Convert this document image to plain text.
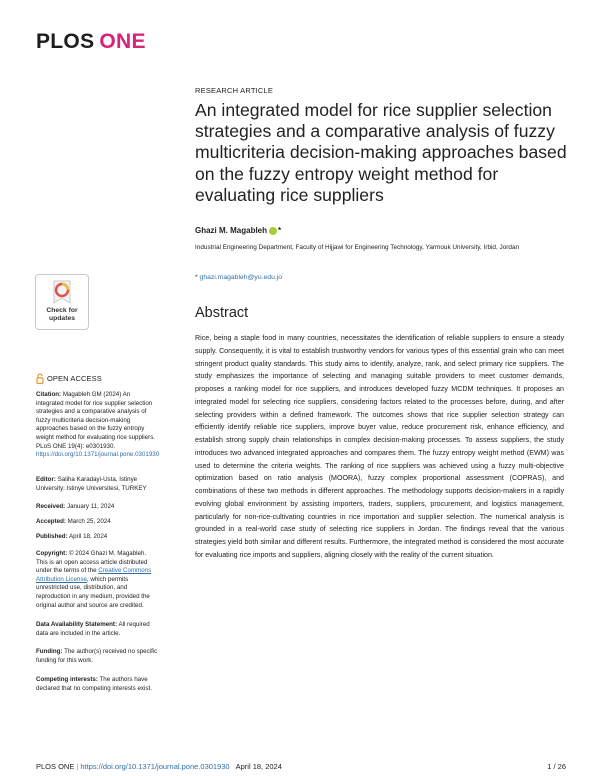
PLOS ONE
RESEARCH ARTICLE
An integrated model for rice supplier selection strategies and a comparative analysis of fuzzy multicriteria decision-making approaches based on the fuzzy entropy weight method for evaluating rice suppliers
Ghazi M. Magableh *
Industrial Engineering Department, Faculty of Hijjawi for Engineering Technology, Yarmouk University, Irbid, Jordan
* ghazi.magableh@yu.edu.jo
Check for
updates
OPEN ACCESS
Citation: Magableh GM (2024) An integrated model for rice supplier selection strategies and a comparative analysis of fuzzy multicriteria decision-making approaches based on the fuzzy entropy weight method for evaluating rice suppliers. PLoS ONE 19(4): e0301930. https://doi.org/10.1371/journal.pone.0301930
Editor: Saliha Karadayi-Usta, Istinye University: Istinye Universitesi, TURKEY
Received: January 11, 2024
Accepted: March 25, 2024
Published: April 18, 2024
Copyright: © 2024 Ghazi M. Magableh. This is an open access article distributed under the terms of the Creative Commons Attribution License, which permits unrestricted use, distribution, and reproduction in any medium, provided the original author and source are credited.
Data Availability Statement: All required data are included in the article.
Funding: The author(s) received no specific funding for this work.
Competing interests: The authors have declared that no competing interests exist.
Abstract

Rice, being a staple food in many countries, necessitates the identification of reliable suppliers to ensure a steady supply. Consequently, it is vital to establish trustworthy vendors for various types of this essential grain who can meet stringent product quality standards. This study aims to identify, analyze, rank, and select primary rice suppliers. The study emphasizes the importance of selecting and managing suitable providers to meet customer demands, proposes a ranking model for rice suppliers, and introduces developed fuzzy MCDM techniques. It proposes an integrated model for selecting rice suppliers, considering factors related to the processes before, during, and after selecting providers within a defined framework. The outcomes shows that rice supplier selection strategy can efficiently identify reliable rice suppliers, improve buyer value, reduce procurement risk, enhance efficiency, and establish strong supply chain relationships in complex decision-making processes. To assess suppliers, the study introduces two advanced integrated approaches and compares them. The fuzzy entropy weight method (EWM) was used to determine the criteria weights. The ranking of rice suppliers was achieved using a fuzzy multi-objective optimization based on ratio analysis (MOORA), fuzzy complex proportional assessment (COPRAS), and combinations of these two methods in different approaches. The methodology supports decision-makers in a rapidly evolving global environment by assisting importers, traders, suppliers, procurement, and logistics management, particularly for non-rice-cultivating countries in rice importation and supplier selection. The numerical analysis is grounded in a real-world case study of selecting rice suppliers in Jordan. The findings reveal that the various strategies yield both similar and different results. Furthermore, the integrated method is considered the most accurate for evaluating rice imports and suppliers, aligning closely with the reality of the current situation.

PLOS ONE | https://doi.org/10.1371/journal.pone.0301930 April 18, 2024	1 / 26
